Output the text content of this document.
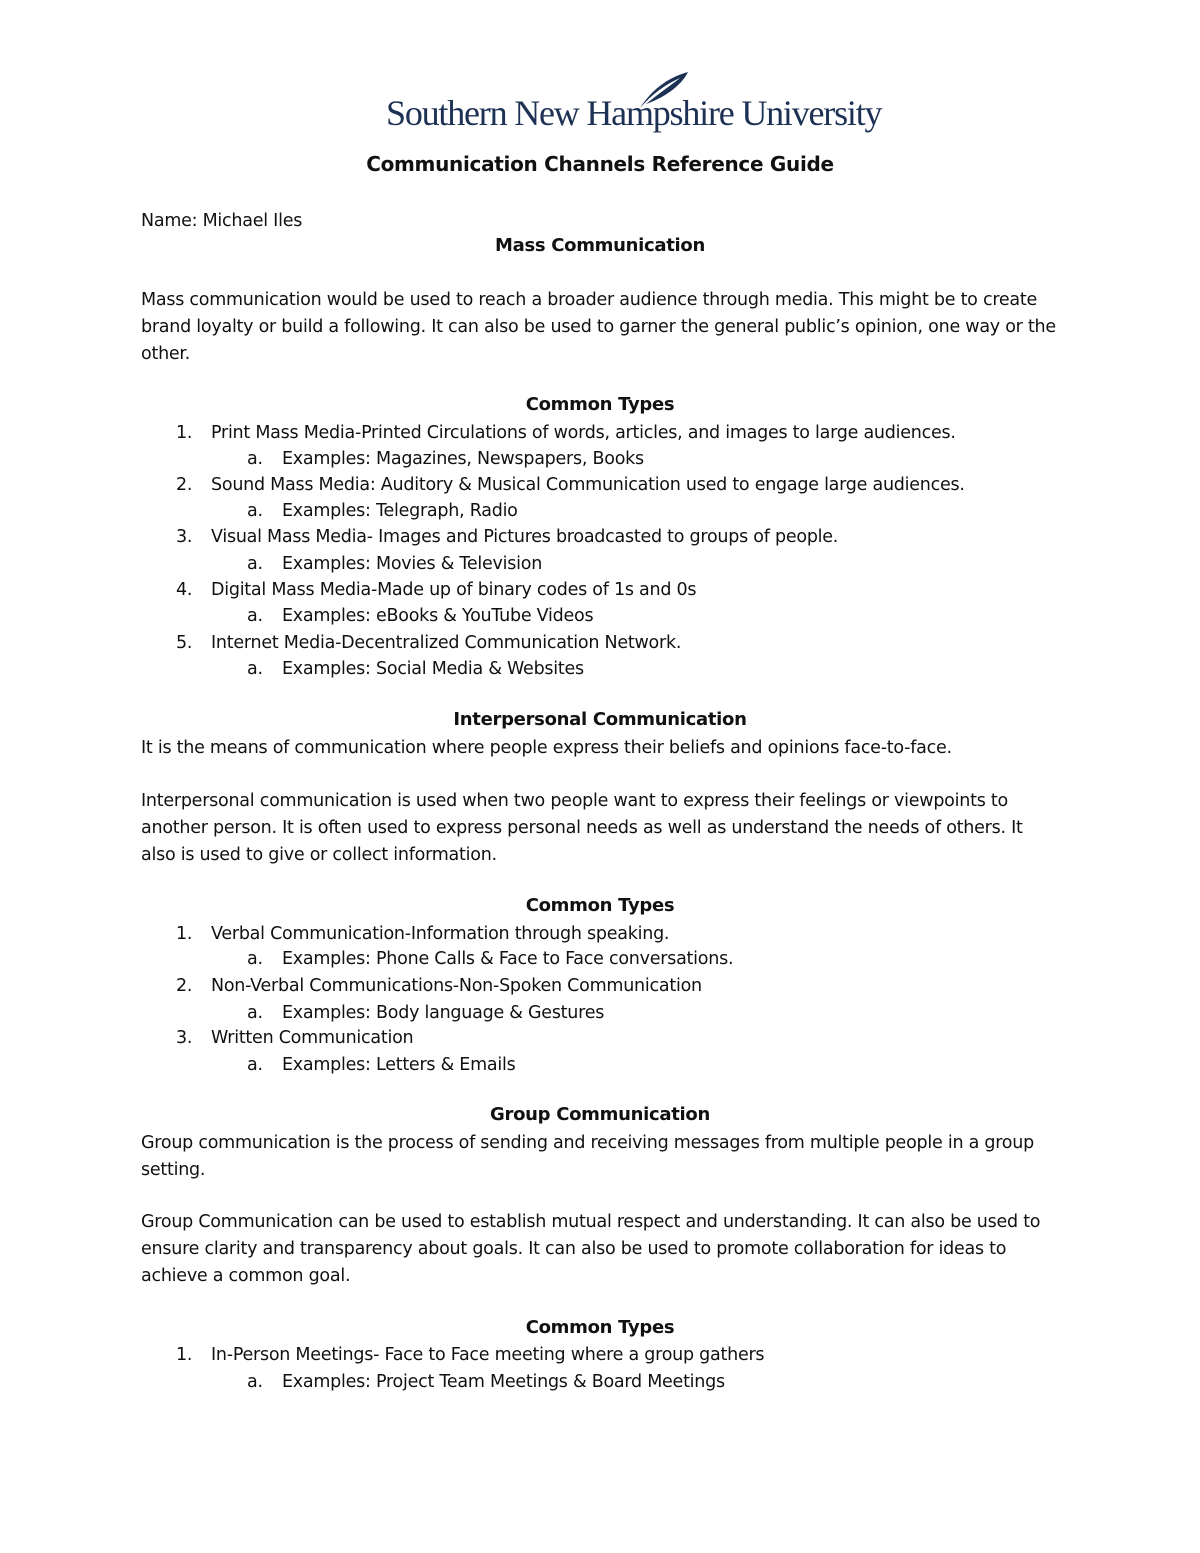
Southern New Hampshire University
Communication Channels Reference Guide
Name: Michael Iles
Mass Communication
Mass communication would be used to reach a broader audience through media. This might be to create brand loyalty or build a following. It can also be used to garner the general public’s opinion, one way or the other.
Common Types
1. Print Mass Media-Printed Circulations of words, articles, and images to large audiences.
a. Examples: Magazines, Newspapers, Books
2. Sound Mass Media: Auditory & Musical Communication used to engage large audiences.
a. Examples: Telegraph, Radio
3. Visual Mass Media- Images and Pictures broadcasted to groups of people.
a. Examples: Movies & Television
4. Digital Mass Media-Made up of binary codes of 1s and 0s
a. Examples: eBooks & YouTube Videos
5. Internet Media-Decentralized Communication Network.
a. Examples: Social Media & Websites
Interpersonal Communication
It is the means of communication where people express their beliefs and opinions face-to-face.
Interpersonal communication is used when two people want to express their feelings or viewpoints to another person. It is often used to express personal needs as well as understand the needs of others. It also is used to give or collect information.
Common Types
1. Verbal Communication-Information through speaking.
a. Examples: Phone Calls & Face to Face conversations.
2. Non-Verbal Communications-Non-Spoken Communication
a. Examples: Body language & Gestures
3. Written Communication
a. Examples: Letters & Emails
Group Communication
Group communication is the process of sending and receiving messages from multiple people in a group setting.
Group Communication can be used to establish mutual respect and understanding. It can also be used to ensure clarity and transparency about goals. It can also be used to promote collaboration for ideas to achieve a common goal.
Common Types
1. In-Person Meetings- Face to Face meeting where a group gathers
a. Examples: Project Team Meetings & Board Meetings
